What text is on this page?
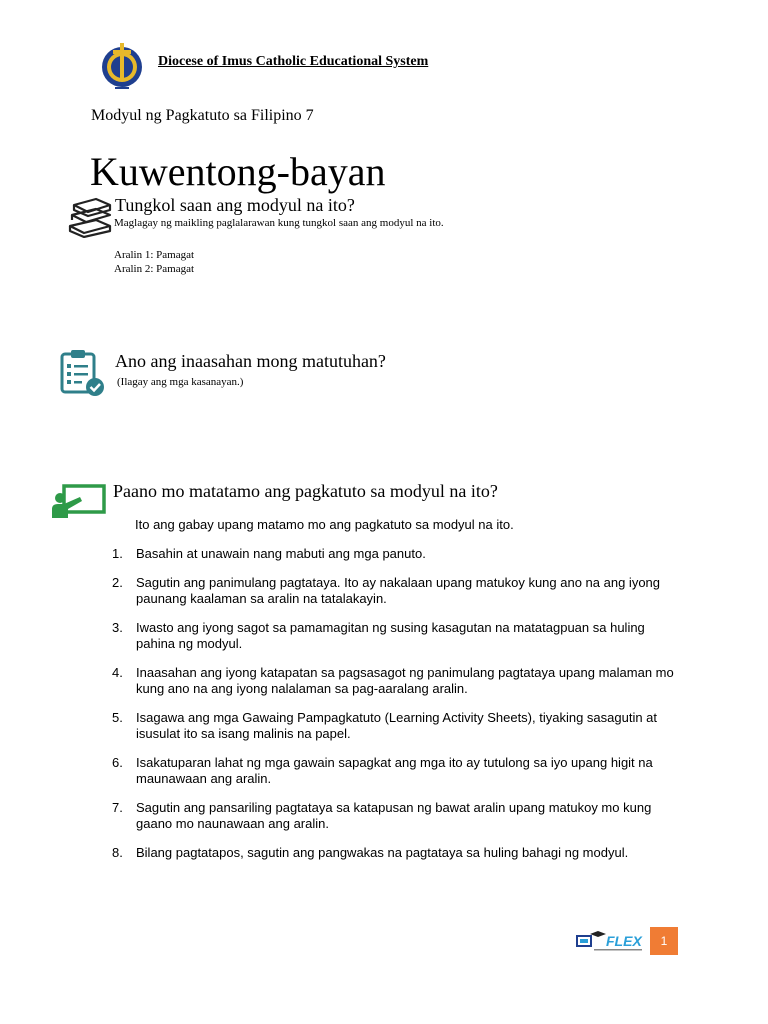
Diocese of Imus Catholic Educational System
Modyul ng Pagkatuto sa Filipino 7
Kuwentong-bayan
Tungkol saan ang modyul na ito?
Maglagay ng maikling paglalarawan kung tungkol saan ang modyul na ito.
Aralin 1: Pamagat
Aralin 2: Pamagat
Ano ang inaasahan mong matutuhan?
(Ilagay ang mga kasanayan.)
Paano mo matatamo ang pagkatuto sa modyul na ito?
Ito ang gabay upang matamo mo ang pagkatuto sa modyul na ito.
1. Basahin at unawain nang mabuti ang mga panuto.
2. Sagutin ang panimulang pagtataya. Ito ay nakalaan upang matukoy kung ano na ang iyong paunang kaalaman sa aralin na tatalakayin.
3. Iwasto ang iyong sagot sa pamamagitan ng susing kasagutan na matatagpuan sa huling pahina ng modyul.
4. Inaasahan ang iyong katapatan sa pagsasagot ng panimulang pagtataya upang malaman mo kung ano na ang iyong nalalaman sa pag-aaralang aralin.
5. Isagawa ang mga Gawaing Pampagkatuto (Learning Activity Sheets), tiyaking sasagutin at isusulat ito sa isang malinis na papel.
6. Isakatuparan lahat ng mga gawain sapagkat ang mga ito ay tutulong sa iyo upang higit na maunawaan ang aralin.
7. Sagutin ang pansariling pagtataya sa katapusan ng bawat aralin upang matukoy mo kung gaano mo naunawaan ang aralin.
8. Bilang pagtatapos, sagutin ang pangwakas na pagtataya sa huling bahagi ng modyul.
FLEX	1
